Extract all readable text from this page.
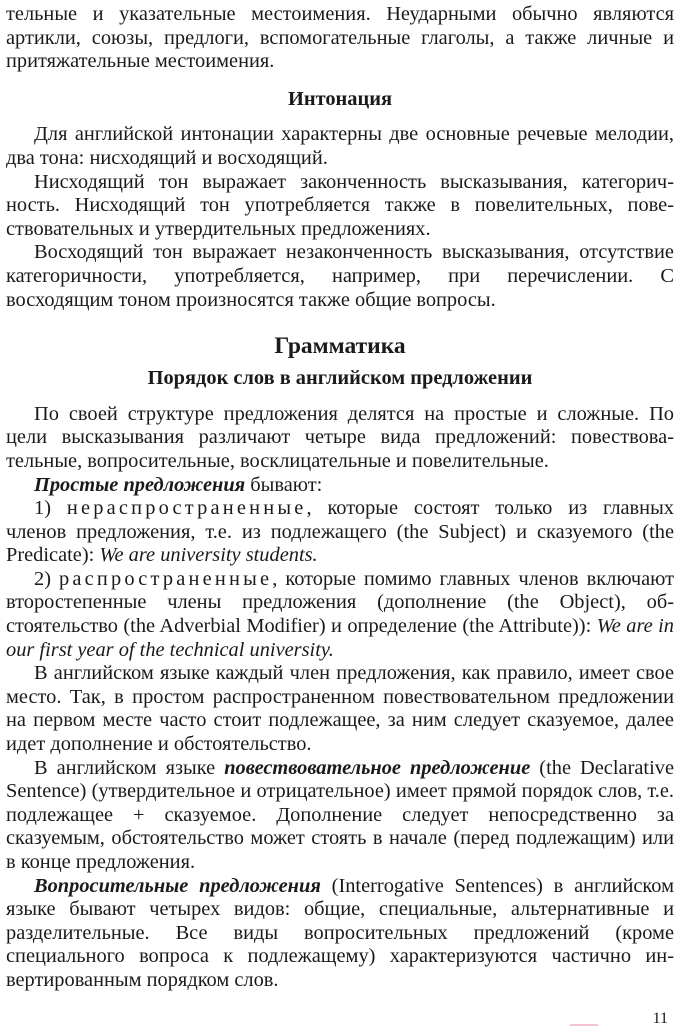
тельные и указательные местоимения. Неударными обычно являются артикли, союзы, предлоги, вспомогательные глаголы, а также личные и притяжательные местоимения.

Интонация

Для английской интонации характерны две основные речевые мелодии, два тона: нисходящий и восходящий.

Нисходящий тон выражает законченность высказывания, категоричность. Нисходящий тон употребляется также в повелительных, повествовательных и утвердительных предложениях.

Восходящий тон выражает незаконченность высказывания, отсутствие категоричности, употребляется, например, при перечислении. С восходящим тоном произносятся также общие вопросы.

Грамматика
Порядок слов в английском предложении

По своей структуре предложения делятся на простые и сложные. По цели высказывания различают четыре вида предложений: повествовательные, вопросительные, восклицательные и повелительные.

Простые предложения бывают:

1) нераспространенные, которые состоят только из главных членов предложения, т.е. из подлежащего (the Subject) и сказуемого (the Predicate): We are university students.

2) распространенные, которые помимо главных членов включают второстепенные члены предложения (дополнение (the Object), обстоятельство (the Adverbial Modifier) и определение (the Attribute)): We are in our first year of the technical university.

В английском языке каждый член предложения, как правило, имеет свое место. Так, в простом распространенном повествовательном предложении на первом месте часто стоит подлежащее, за ним следует сказуемое, далее идет дополнение и обстоятельство.

В английском языке повествовательное предложение (the Declarative Sentence) (утвердительное и отрицательное) имеет прямой порядок слов, т.е. подлежащее + сказуемое. Дополнение следует непосредственно за сказуемым, обстоятельство может стоять в начале (перед подлежащим) или в конце предложения.

Вопросительные предложения (Interrogative Sentences) в английском языке бывают четырех видов: общие, специальные, альтернативные и разделительные. Все виды вопросительных предложений (кроме специального вопроса к подлежащему) характеризуются частично инвертированным порядком слов.

11
